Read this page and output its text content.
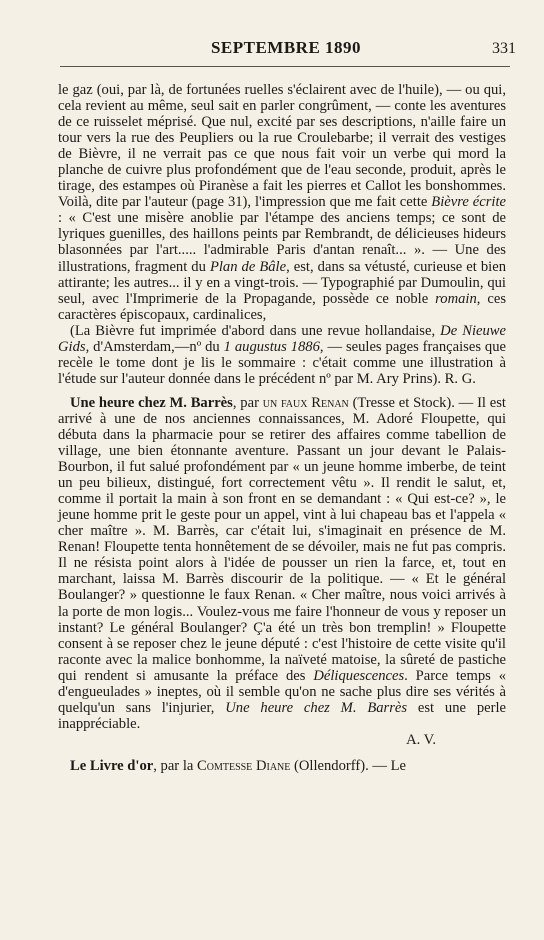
SEPTEMBRE 1890	331

le gaz (oui, par là, de fortunées ruelles s'éclairent avec de l'huile), — ou qui, cela revient au même, seul sait en parler congrûment, — conte les aventures de ce ruisselet méprisé. Que nul, excité par ses descriptions, n'aille faire un tour vers la rue des Peupliers ou la rue Croulebarbe; il verrait des vestiges de Bièvre, il ne verrait pas ce que nous fait voir un verbe qui mord la planche de cuivre plus profondément que de l'eau seconde, produit, après le tirage, des estampes où Piranèse a fait les pierres et Callot les bonshommes. Voilà, dite par l'auteur (page 31), l'impression que me fait cette Bièvre écrite : « C'est une misère anoblie par l'étampe des anciens temps; ce sont de lyriques guenilles, des haillons peints par Rembrandt, de délicieuses hideurs blasonnées par l'art..... l'admirable Paris d'antan renaît... ». — Une des illustrations, fragment du Plan de Bâle, est, dans sa vétusté, curieuse et bien attirante; les autres... il y en a vingt-trois. — Typographié par Dumoulin, qui seul, avec l'Imprimerie de la Propagande, possède ce noble romain, ces caractères épiscopaux, cardinalices,

(La Bièvre fut imprimée d'abord dans une revue hollandaise, De Nieuwe Gids, d'Amsterdam,—nº du 1 augustus 1886, — seules pages françaises que recèle le tome dont je lis le sommaire : c'était comme une illustration à l'étude sur l'auteur donnée dans le précédent nº par M. Ary Prins). R. G.

Une heure chez M. Barrès, par un faux Renan (Tresse et Stock). — Il est arrivé à une de nos anciennes connaissances, M. Adoré Floupette, qui débuta dans la pharmacie pour se retirer des affaires comme tabellion de village, une bien étonnante aventure. Passant un jour devant le Palais-Bourbon, il fut salué profondément par « un jeune homme imberbe, de teint un peu bilieux, distingué, fort correctement vêtu ». Il rendit le salut, et, comme il portait la main à son front en se demandant : « Qui est-ce? », le jeune homme prit le geste pour un appel, vint à lui chapeau bas et l'appela « cher maître ». M. Barrès, car c'était lui, s'imaginait en présence de M. Renan! Floupette tenta honnêtement de se dévoiler, mais ne fut pas compris. Il ne résista point alors à l'idée de pousser un rien la farce, et, tout en marchant, laissa M. Barrès discourir de la politique. — « Et le général Boulanger? » questionne le faux Renan. « Cher maître, nous voici arrivés à la porte de mon logis... Voulez-vous me faire l'honneur de vous y reposer un instant? Le général Boulanger? Ç'a été un très bon tremplin! » Floupette consent à se reposer chez le jeune député : c'est l'histoire de cette visite qu'il raconte avec la malice bonhomme, la naïveté matoise, la sûreté de pastiche qui rendent si amusante la préface des Déliquescences. Parce temps « d'engueulades » ineptes, où il semble qu'on ne sache plus dire ses vérités à quelqu'un sans l'injurier, Une heure chez M. Barrès est une perle inappréciable.

A. V.

Le Livre d'or, par la Comtesse Diane (Ollendorff). — Le
